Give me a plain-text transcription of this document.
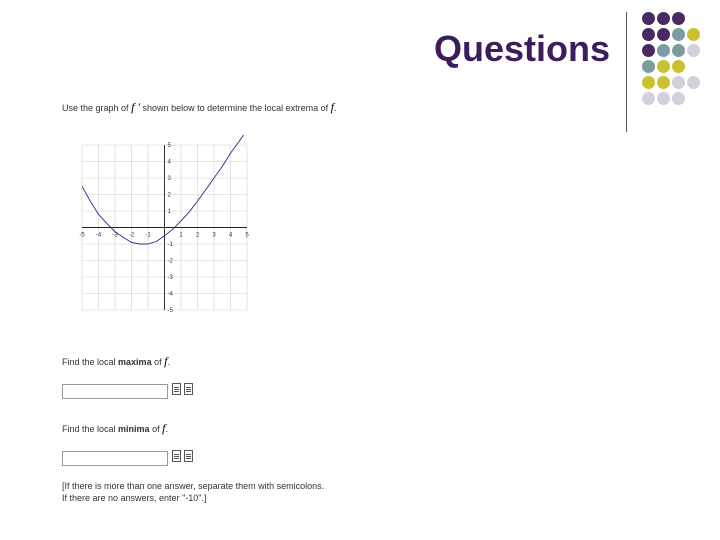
Questions
Use the graph of f ′ shown below to determine the local extrema of f.
-5 -4 -3 -2 -1	1 2 3 4 5
5
4
3
2
1
-1
-2
-3
-4
-5
Find the local maxima of f.
Find the local minima of f.
[If there is more than one answer, separate them with semicolons.
If there are no answers, enter "-10".]
